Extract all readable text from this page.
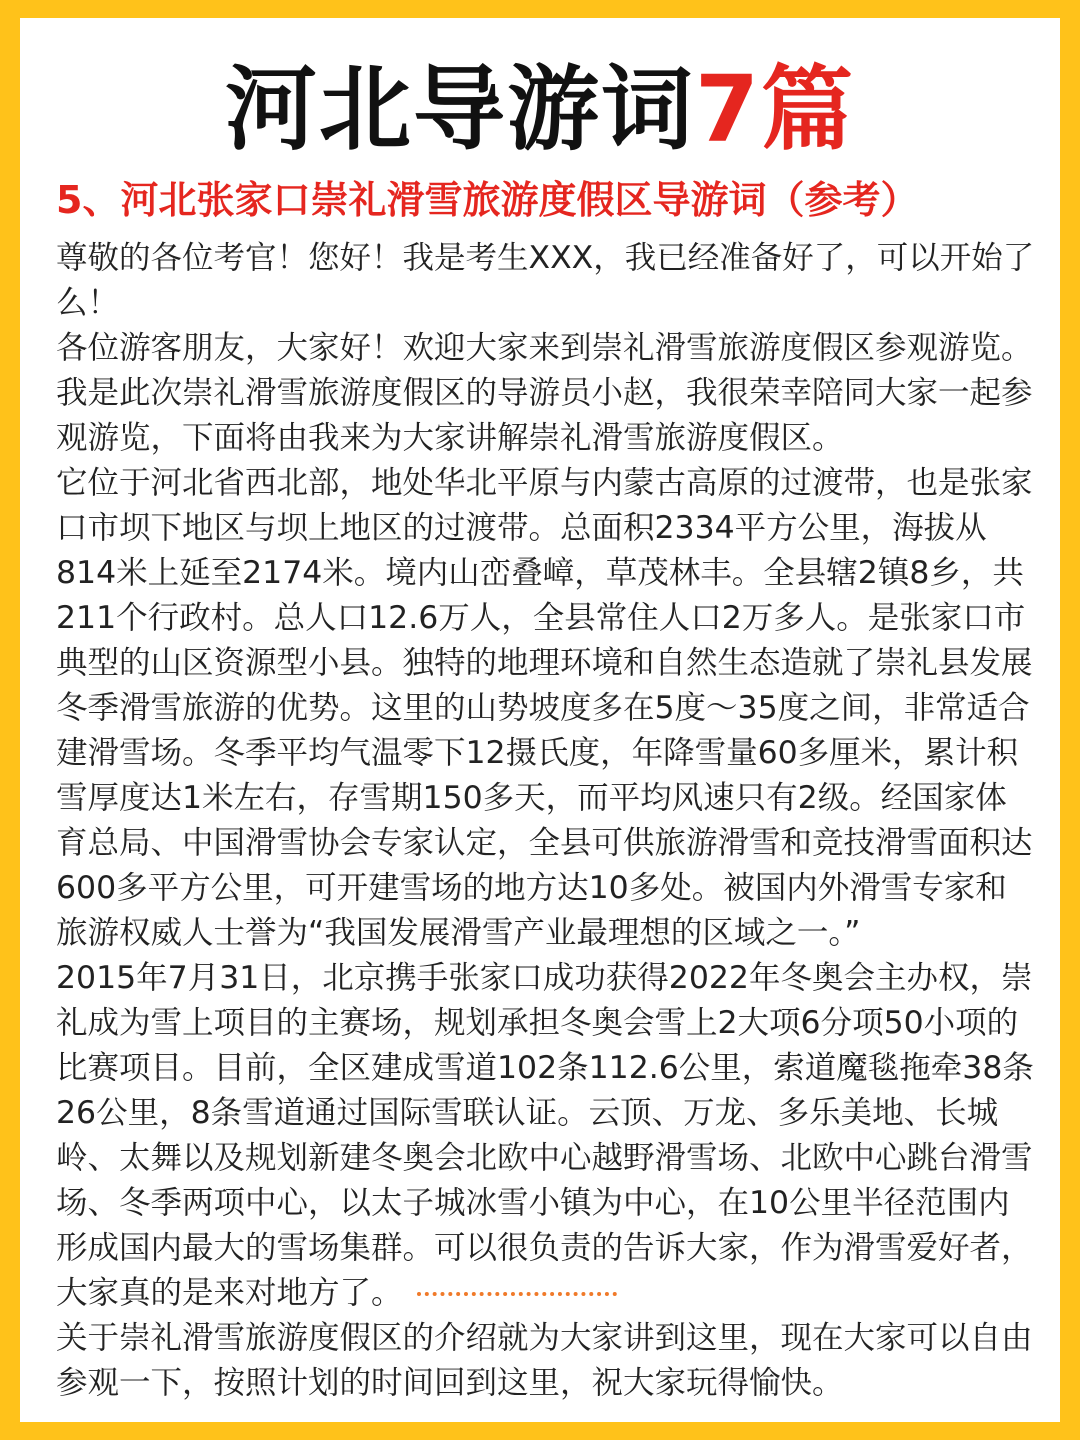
河北导游词7篇
5、河北张家口崇礼滑雪旅游度假区导游词（参考）

尊敬的各位考官！您好！我是考生XXX，我已经准备好了，可以开始了么！

各位游客朋友，大家好！欢迎大家来到崇礼滑雪旅游度假区参观游览。我是此次崇礼滑雪旅游度假区的导游员小赵，我很荣幸陪同大家一起参观游览，下面将由我来为大家讲解崇礼滑雪旅游度假区。

它位于河北省西北部，地处华北平原与内蒙古高原的过渡带，也是张家口市坝下地区与坝上地区的过渡带。总面积2334平方公里，海拔从814米上延至2174米。境内山峦叠嶂，草茂林丰。全县辖2镇8乡，共211个行政村。总人口12.6万人，全县常住人口2万多人。是张家口市典型的山区资源型小县。独特的地理环境和自然生态造就了崇礼县发展冬季滑雪旅游的优势。这里的山势坡度多在5度～35度之间，非常适合建滑雪场。冬季平均气温零下12摄氏度，年降雪量60多厘米，累计积雪厚度达1米左右，存雪期150多天，而平均风速只有2级。经国家体育总局、中国滑雪协会专家认定，全县可供旅游滑雪和竞技滑雪面积达600多平方公里，可开建雪场的地方达10多处。被国内外滑雪专家和旅游权威人士誉为“我国发展滑雪产业最理想的区域之一。”

2015年7月31日，北京携手张家口成功获得2022年冬奥会主办权，崇礼成为雪上项目的主赛场，规划承担冬奥会雪上2大项6分项50小项的比赛项目。目前，全区建成雪道102条112.6公里，索道魔毯拖牵38条26公里，8条雪道通过国际雪联认证。云顶、万龙、多乐美地、长城岭、太舞以及规划新建冬奥会北欧中心越野滑雪场、北欧中心跳台滑雪场、冬季两项中心，以太子城冰雪小镇为中心，在10公里半径范围内形成国内最大的雪场集群。可以很负责的告诉大家，作为滑雪爱好者，大家真的是来对地方了。

关于崇礼滑雪旅游度假区的介绍就为大家讲到这里，现在大家可以自由参观一下，按照计划的时间回到这里，祝大家玩得愉快。
